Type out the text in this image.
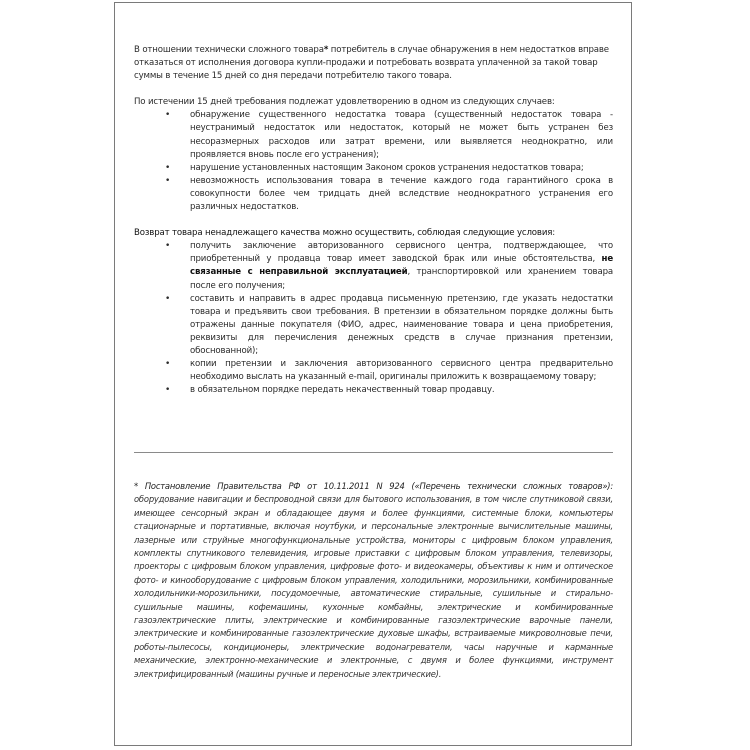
В отношении технически сложного товара* потребитель в случае обнаружения в нем недостатков вправе отказаться от исполнения договора купли-продажи и потребовать возврата уплаченной за такой товар суммы в течение 15 дней со дня передачи потребителю такого товара.

По истечении 15 дней требования подлежат удовлетворению в одном из следующих случаев:

• обнаружение существенного недостатка товара (существенный недостаток товара - неустранимый недостаток или недостаток, который не может быть устранен без несоразмерных расходов или затрат времени, или выявляется неоднократно, или проявляется вновь после его устранения);
• нарушение установленных настоящим Законом сроков устранения недостатков товара;
• невозможность использования товара в течение каждого года гарантийного срока в совокупности более чем тридцать дней вследствие неоднократного устранения его различных недостатков.

Возврат товара ненадлежащего качества можно осуществить, соблюдая следующие условия:

• получить заключение авторизованного сервисного центра, подтверждающее, что приобретенный у продавца товар имеет заводской брак или иные обстоятельства, не связанные с неправильной эксплуатацией, транспортировкой или хранением товара после его получения;
• составить и направить в адрес продавца письменную претензию, где указать недостатки товара и предъявить свои требования. В претензии в обязательном порядке должны быть отражены данные покупателя (ФИО, адрес, наименование товара и цена приобретения, реквизиты для перечисления денежных средств в случае признания претензии, обоснованной);
• копии претензии и заключения авторизованного сервисного центра предварительно необходимо выслать на указанный e-mail, оригиналы приложить к возвращаемому товару;
• в обязательном порядке передать некачественный товар продавцу.
* Постановление Правительства РФ от 10.11.2011 N 924 («Перечень технически сложных товаров»): оборудование навигации и беспроводной связи для бытового использования, в том числе спутниковой связи, имеющее сенсорный экран и обладающее двумя и более функциями, системные блоки, компьютеры стационарные и портативные, включая ноутбуки, и персональные электронные вычислительные машины, лазерные или струйные многофункциональные устройства, мониторы с цифровым блоком управления, комплекты спутникового телевидения, игровые приставки с цифровым блоком управления, телевизоры, проекторы с цифровым блоком управления, цифровые фото- и видеокамеры, объективы к ним и оптическое фото- и кинооборудование с цифровым блоком управления, холодильники, морозильники, комбинированные холодильники-морозильники, посудомоечные, автоматические стиральные, сушильные и стирально-сушильные машины, кофемашины, кухонные комбайны, электрические и комбинированные газоэлектрические плиты, электрические и комбинированные газоэлектрические варочные панели, электрические и комбинированные газоэлектрические духовые шкафы, встраиваемые микроволновые печи, роботы-пылесосы, кондиционеры, электрические водонагреватели, часы наручные и карманные механические, электронно-механические и электронные, с двумя и более функциями, инструмент электрифицированный (машины ручные и переносные электрические).
